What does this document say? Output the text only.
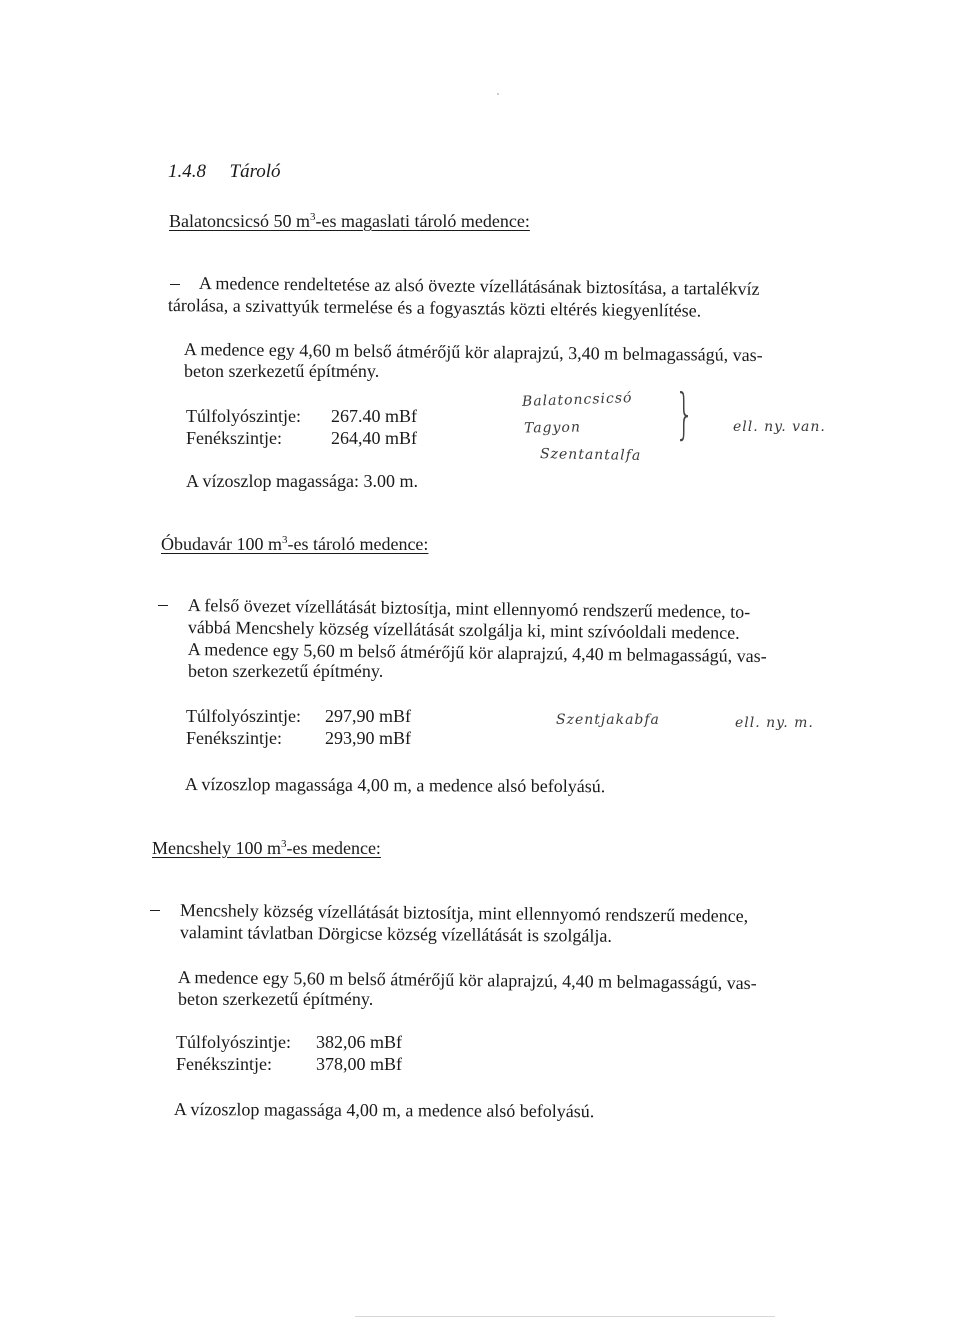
1.4.8 Tároló
Balatoncsicsó 50 $m^3-es$ magaslati tároló medence:
A medence rendeltetése az alsó övezte vízellátásának biztosítása, a tartalékvíz
tárolása, a szivattyúk termelése és a fogyasztás közti eltérés kiegyenlítése.
A medence egy 4,60 m belső átmérőjű kör alaprajzú, 3,40 m belmagasságú, vas-
beton szerkezetű építmény.
Túlfolyószintje: 267.40 mBf
Fenékszintje:	264,40 mBf
A vízoszlop magassága: 3.00 m.
Balatoncsicsó
Tagyon
Szentantalfa
}	ell. ny. van.
Óbudavár 100 $m^3-es$ tároló medence:
A felső övezet vízellátását biztosítja, mint ellennyomó rendszerű medence, to-
vábbá Mencshely község vízellátását szolgálja ki, mint szívóoldali medence.
A medence egy 5,60 m belső átmérőjű kör alaprajzú, 4,40 m belmagasságú, vas-
beton szerkezetű építmény.
Túlfolyószintje: 297,90 mBf
Fenékszintje: 293,90 mBf
Szentjakabfa	ell. ny. m.
A vízoszlop magassága 4,00 m, a medence alsó befolyású.
Mencshely 100 $m^3-es$ medence:
Mencshely község vízellátását biztosítja, mint ellennyomó rendszerű medence,
valamint távlatban Dörgicse község vízellátását is szolgálja.
A medence egy 5,60 m belső átmérőjű kör alaprajzú, 4,40 m belmagasságú, vas-
beton szerkezetű építmény.
Túlfolyószintje: 382,06 mBf
Fenékszintje: 378,00 mBf
A vízoszlop magassága 4,00 m, a medence alsó befolyású.
